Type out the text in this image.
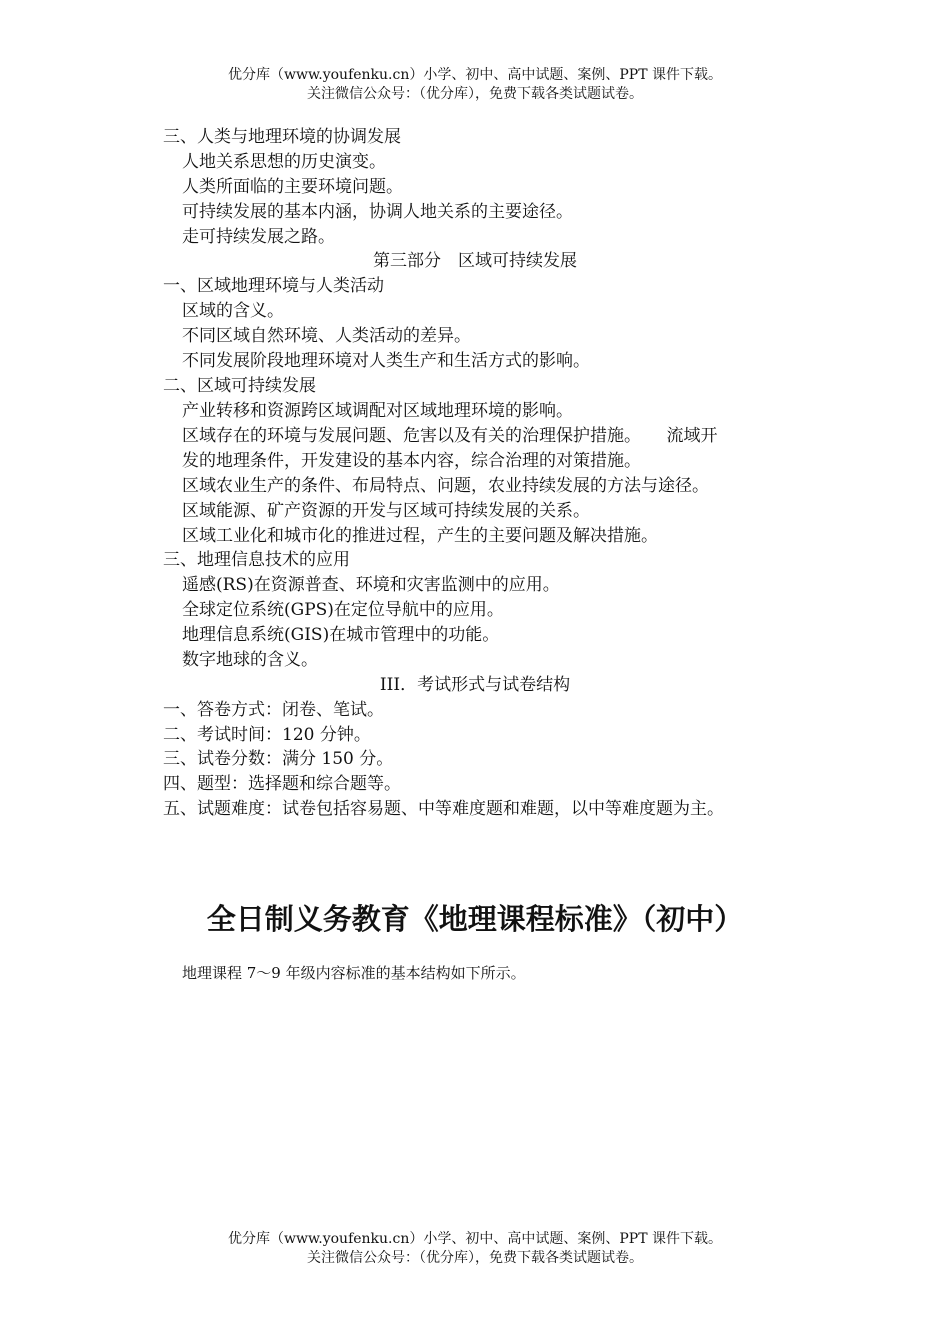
优分库（www.youfenku.cn）小学、初中、高中试题、案例、PPT 课件下载。
关注微信公众号：（优分库），免费下载各类试题试卷。
三、人类与地理环境的协调发展
人地关系思想的历史演变。
人类所面临的主要环境问题。
可持续发展的基本内涵，协调人地关系的主要途径。
走可持续发展之路。
第三部分　区域可持续发展
一、区域地理环境与人类活动
区域的含义。
不同区域自然环境、人类活动的差异。
不同发展阶段地理环境对人类生产和生活方式的影响。
二、区域可持续发展
产业转移和资源跨区域调配对区域地理环境的影响。
区域存在的环境与发展问题、危害以及有关的治理保护措施。　　流域开
发的地理条件，开发建设的基本内容，综合治理的对策措施。
区域农业生产的条件、布局特点、问题，农业持续发展的方法与途径。
区域能源、矿产资源的开发与区域可持续发展的关系。
区域工业化和城市化的推进过程，产生的主要问题及解决措施。
三、地理信息技术的应用
遥感(RS)在资源普查、环境和灾害监测中的应用。
全球定位系统(GPS)在定位导航中的应用。
地理信息系统(GIS)在城市管理中的功能。
数字地球的含义。
III．考试形式与试卷结构
一、答卷方式：闭卷、笔试。
二、考试时间：120 分钟。
三、试卷分数：满分 150 分。
四、题型：选择题和综合题等。
五、试题难度：试卷包括容易题、中等难度题和难题，以中等难度题为主。
全日制义务教育《地理课程标准》（初中）
地理课程 7～9 年级内容标准的基本结构如下所示。
优分库（www.youfenku.cn）小学、初中、高中试题、案例、PPT 课件下载。
关注微信公众号：（优分库），免费下载各类试题试卷。
